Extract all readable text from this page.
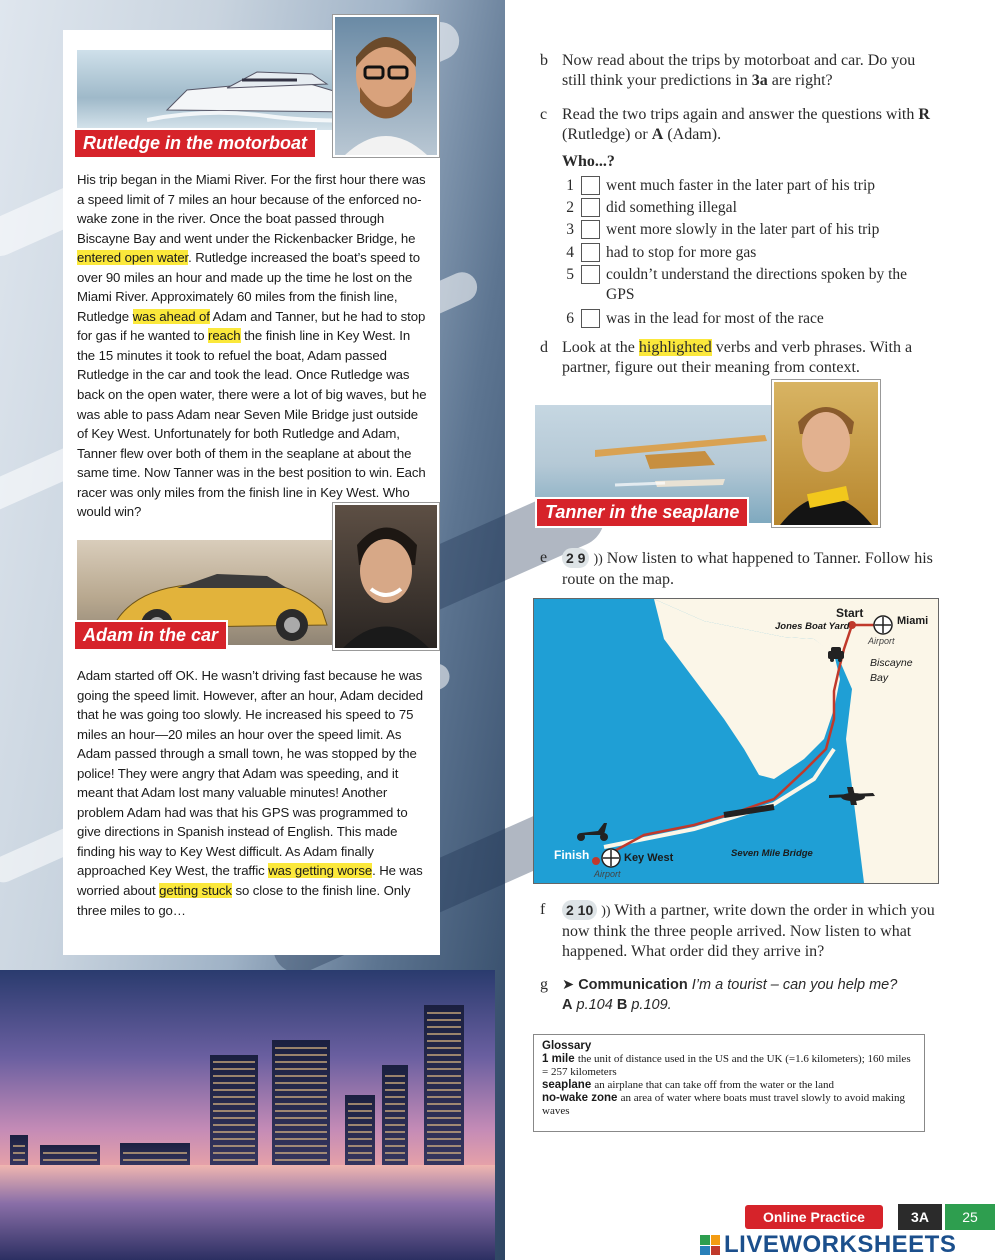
Rutledge in the motorboat
His trip began in the Miami River. For the first hour there was a speed limit of 7 miles an hour because of the enforced no-wake zone in the river. Once the boat passed through Biscayne Bay and went under the Rickenbacker Bridge, he entered open water. Rutledge increased the boat’s speed to over 90 miles an hour and made up the time he lost on the Miami River. Approximately 60 miles from the finish line, Rutledge was ahead of Adam and Tanner, but he had to stop for gas if he wanted to reach the finish line in Key West. In the 15 minutes it took to refuel the boat, Adam passed Rutledge in the car and took the lead. Once Rutledge was back on the open water, there were a lot of big waves, but he was able to pass Adam near Seven Mile Bridge just outside of Key West. Unfortunately for both Rutledge and Adam, Tanner flew over both of them in the seaplane at about the same time. Now Tanner was in the best position to win. Each racer was only miles from the finish line in Key West. Who would win?
Adam in the car
Adam started off OK. He wasn’t driving fast because he was going the speed limit. However, after an hour, Adam decided that he was going too slowly. He increased his speed to 75 miles an hour—20 miles an hour over the speed limit. As Adam passed through a small town, he was stopped by the police! They were angry that Adam was speeding, and it meant that Adam lost many valuable minutes! Another problem Adam had was that his GPS was programmed to give directions in Spanish instead of English. This made finding his way to Key West difficult. As Adam finally approached Key West, the traffic was getting worse. He was worried about getting stuck so close to the finish line. Only three miles to go…
b Now read about the trips by motorboat and car. Do you still think your predictions in 3a are right?
c Read the two trips again and answer the questions with R (Rutledge) or A (Adam).
Who...?
1 went much faster in the later part of his trip
2 did something illegal
3 went more slowly in the later part of his trip
4 had to stop for more gas
5 couldn’t understand the directions spoken by the GPS
6 was in the lead for most of the race
d Look at the highlighted verbs and verb phrases. With a partner, figure out their meaning from context.
Tanner in the seaplane
e 2 9 )) Now listen to what happened to Tanner. Follow his route on the map.
Start
Miami
Jones Boat Yard
Airport
Biscayne Bay
Finish	Key West
Airport
Seven Mile Bridge
f 2 10 )) With a partner, write down the order in which you now think the three people arrived. Now listen to what happened. What order did they arrive in?
g ➤ Communication I’m a tourist – can you help me?
A p.104 B p.109.
Glossary
1 mile the unit of distance used in the US and the UK (=1.6 kilometers); 160 miles = 257 kilometers
seaplane an airplane that can take off from the water or the land
no-wake zone an area of water where boats must travel slowly to avoid making waves
Online Practice	3A	25
LIVEWORKSHEETS
